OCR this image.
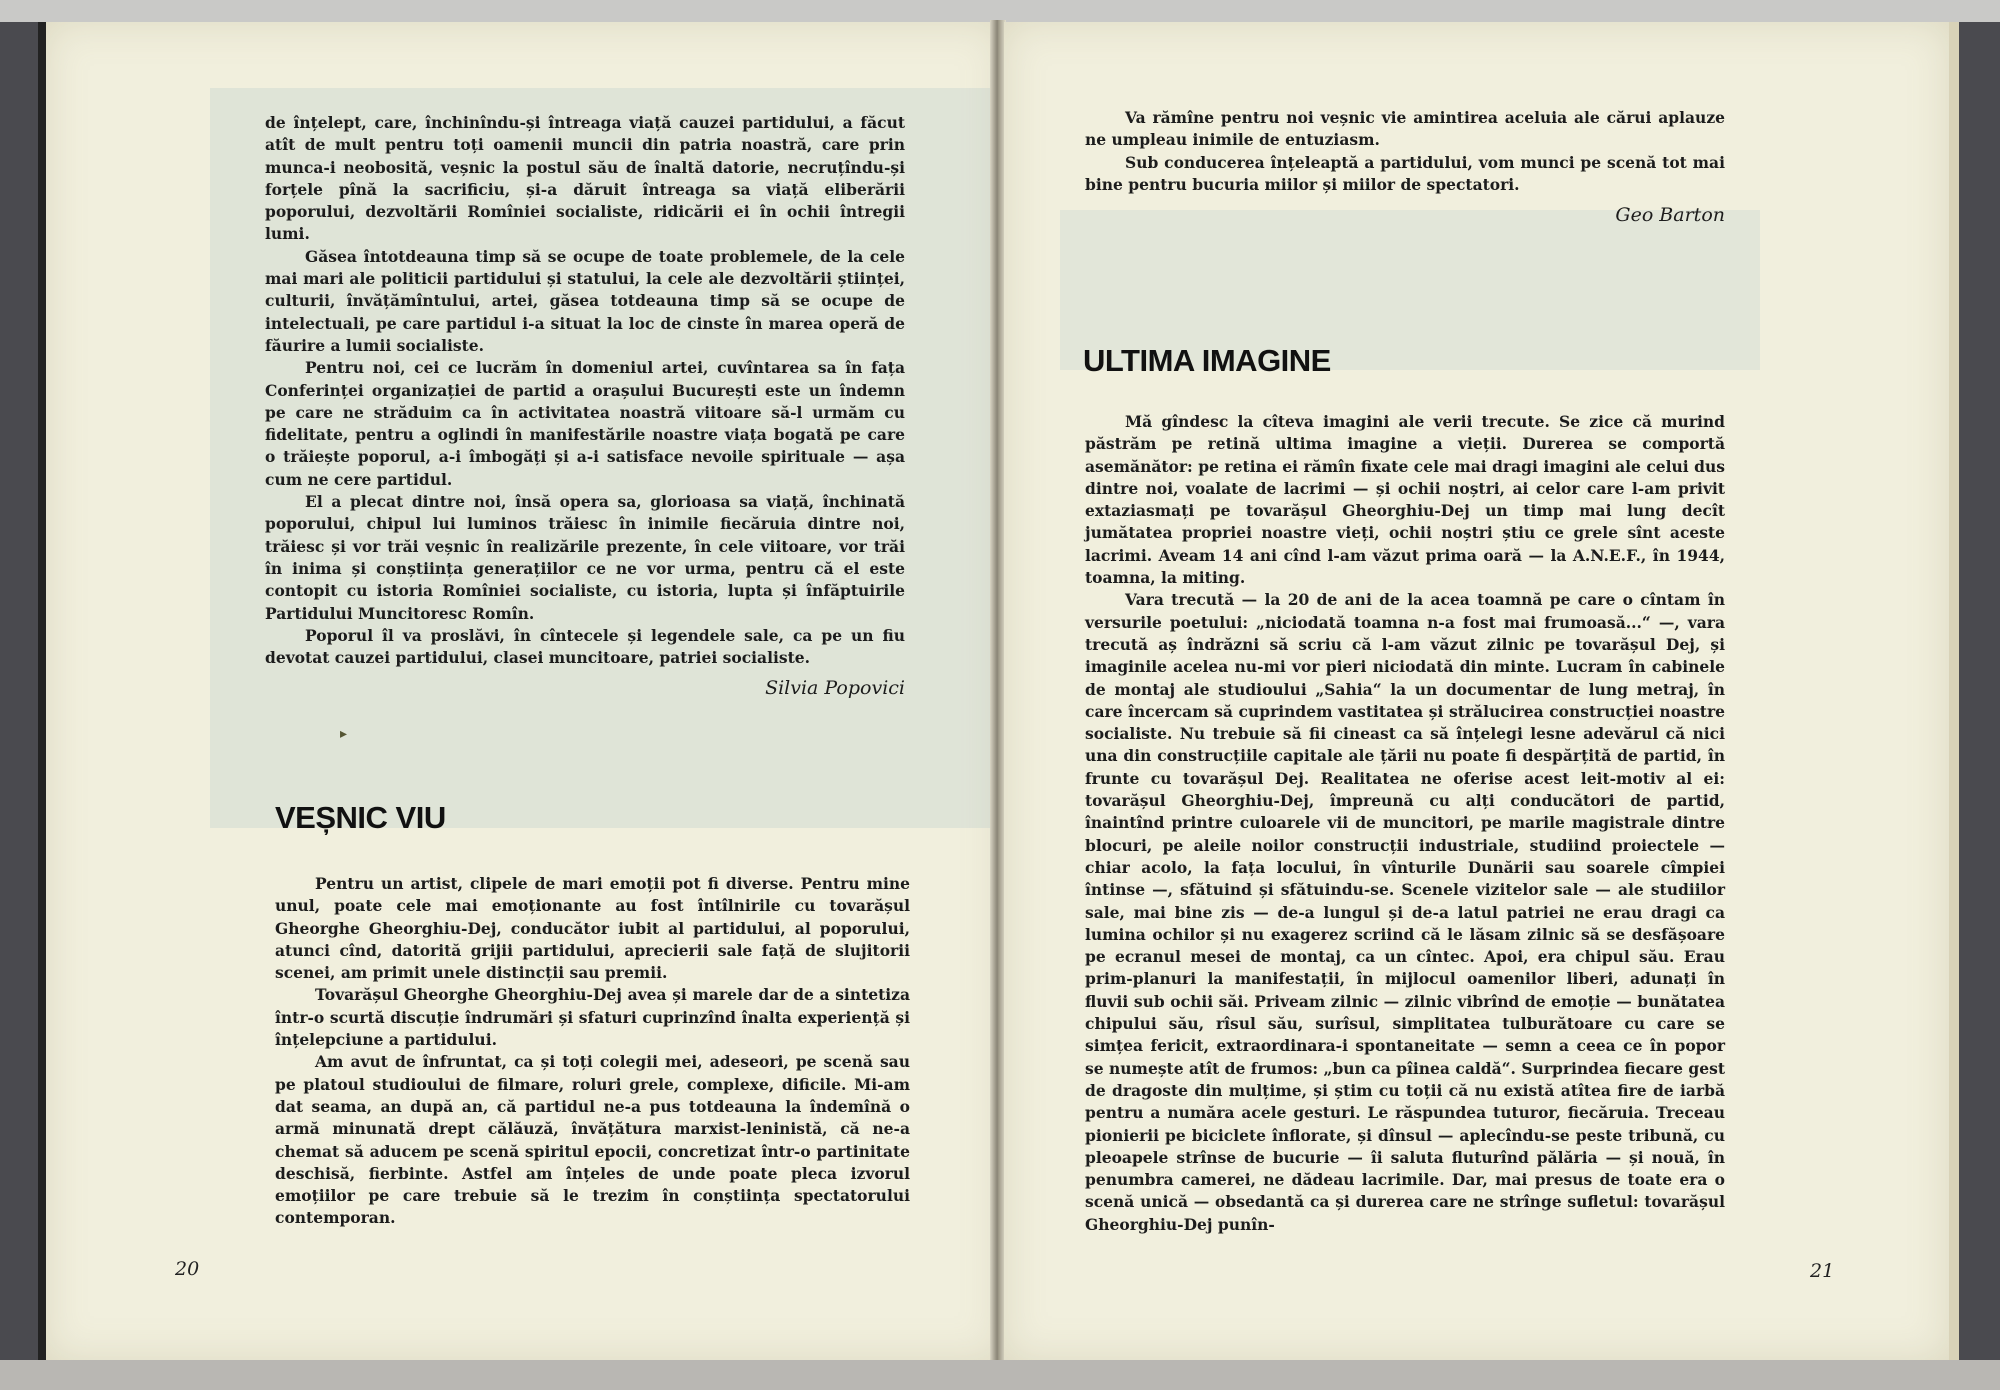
de înțelept, care, închinîndu-și întreaga viață cauzei partidului, a făcut atît de mult pentru toți oamenii muncii din patria noastră, care prin munca-i neobosită, veșnic la postul său de înaltă datorie, necruțîndu-și forțele pînă la sacrificiu, și-a dăruit întreaga sa viață eliberării poporului, dezvoltării Romîniei socialiste, ridicării ei în ochii întregii lumi.

Găsea întotdeauna timp să se ocupe de toate problemele, de la cele mai mari ale politicii partidului și statului, la cele ale dezvoltării științei, culturii, învățămîntului, artei, găsea totdeauna timp să se ocupe de intelectuali, pe care partidul i-a situat la loc de cinste în marea operă de făurire a lumii socialiste.

Pentru noi, cei ce lucrăm în domeniul artei, cuvîntarea sa în fața Conferinței organizației de partid a orașului București este un îndemn pe care ne străduim ca în activitatea noastră viitoare să-l urmăm cu fidelitate, pentru a oglindi în manifestările noastre viața bogată pe care o trăiește poporul, a-i îmbogăți și a-i satisface nevoile spirituale — așa cum ne cere partidul.

El a plecat dintre noi, însă opera sa, glorioasa sa viață, închinată poporului, chipul lui luminos trăiesc în inimile fiecăruia dintre noi, trăiesc și vor trăi veșnic în realizările prezente, în cele viitoare, vor trăi în inima și conștiința generațiilor ce ne vor urma, pentru că el este contopit cu istoria Romîniei socialiste, cu istoria, lupta și înfăptuirile Partidului Muncitoresc Romîn.

Poporul îl va proslăvi, în cîntecele și legendele sale, ca pe un fiu devotat cauzei partidului, clasei muncitoare, patriei socialiste.

Silvia Popovici

▸
VEȘNIC VIU

Pentru un artist, clipele de mari emoții pot fi diverse. Pentru mine unul, poate cele mai emoționante au fost întîlnirile cu tovarășul Gheorghe Gheorghiu-Dej, conducător iubit al partidului, al poporului, atunci cînd, datorită grijii partidului, aprecierii sale față de slujitorii scenei, am primit unele distincții sau premii.

Tovarășul Gheorghe Gheorghiu-Dej avea și marele dar de a sintetiza într-o scurtă discuție îndrumări și sfaturi cuprinzînd înalta experiență și înțelepciune a partidului.

Am avut de înfruntat, ca și toți colegii mei, adeseori, pe scenă sau pe platoul studioului de filmare, roluri grele, complexe, dificile. Mi-am dat seama, an după an, că partidul ne-a pus totdeauna la îndemînă o armă minunată drept călăuză, învățătura marxist-leninistă, că ne-a chemat să aducem pe scenă spiritul epocii, concretizat într-o partinitate deschisă, fierbinte. Astfel am înțeles de unde poate pleca izvorul emoțiilor pe care trebuie să le trezim în conștiința spectatorului contemporan.

20

Va rămîne pentru noi veșnic vie amintirea aceluia ale cărui aplauze ne umpleau inimile de entuziasm.

Sub conducerea înțeleaptă a partidului, vom munci pe scenă tot mai bine pentru bucuria miilor și miilor de spectatori.

Geo Barton

ULTIMA IMAGINE

Mă gîndesc la cîteva imagini ale verii trecute. Se zice că murind păstrăm pe retină ultima imagine a vieții. Durerea se comportă asemănător: pe retina ei rămîn fixate cele mai dragi imagini ale celui dus dintre noi, voalate de lacrimi — și ochii noștri, ai celor care l-am privit extaziasmați pe tovarășul Gheorghiu-Dej un timp mai lung decît jumătatea propriei noastre vieți, ochii noștri știu ce grele sînt aceste lacrimi. Aveam 14 ani cînd l-am văzut prima oară — la A.N.E.F., în 1944, toamna, la miting.

Vara trecută — la 20 de ani de la acea toamnă pe care o cîntam în versurile poetului: „niciodată toamna n-a fost mai frumoasă...“ —, vara trecută aș îndrăzni să scriu că l-am văzut zilnic pe tovarășul Dej, și imaginile acelea nu-mi vor pieri niciodată din minte. Lucram în cabinele de montaj ale studioului „Sahia“ la un documentar de lung metraj, în care încercam să cuprindem vastitatea și strălucirea construcției noastre socialiste. Nu trebuie să fii cineast ca să înțelegi lesne adevărul că nici una din construcțiile capitale ale țării nu poate fi despărțită de partid, în frunte cu tovarășul Dej. Realitatea ne oferise acest leit-motiv al ei: tovarășul Gheorghiu-Dej, împreună cu alți conducători de partid, înaintînd printre culoarele vii de muncitori, pe marile magistrale dintre blocuri, pe aleile noilor construcții industriale, studiind proiectele — chiar acolo, la fața locului, în vînturile Dunării sau soarele cîmpiei întinse —, sfătuind și sfătuindu-se. Scenele vizitelor sale — ale studiilor sale, mai bine zis — de-a lungul și de-a latul patriei ne erau dragi ca lumina ochilor și nu exagerez scriind că le lăsam zilnic să se desfășoare pe ecranul mesei de montaj, ca un cîntec. Apoi, era chipul său. Erau prim-planuri la manifestații, în mijlocul oamenilor liberi, adunați în fluvii sub ochii săi. Priveam zilnic — zilnic vibrînd de emoție — bunătatea chipului său, rîsul său, surîsul, simplitatea tulburătoare cu care se simțea fericit, extraordinara-i spontaneitate — semn a ceea ce în popor se numește atît de frumos: „bun ca pîinea caldă“. Surprindea fiecare gest de dragoste din mulțime, și știm cu toții că nu există atîtea fire de iarbă pentru a număra acele gesturi. Le răspundea tuturor, fiecăruia. Treceau pionierii pe biciclete înflorate, și dînsul — aplecîndu-se peste tribună, cu pleoapele strînse de bucurie — îi saluta fluturînd pălăria — și nouă, în penumbra camerei, ne dădeau lacrimile. Dar, mai presus de toate era o scenă unică — obsedantă ca și durerea care ne strînge sufletul: tovarășul Gheorghiu-Dej punîn-

21
